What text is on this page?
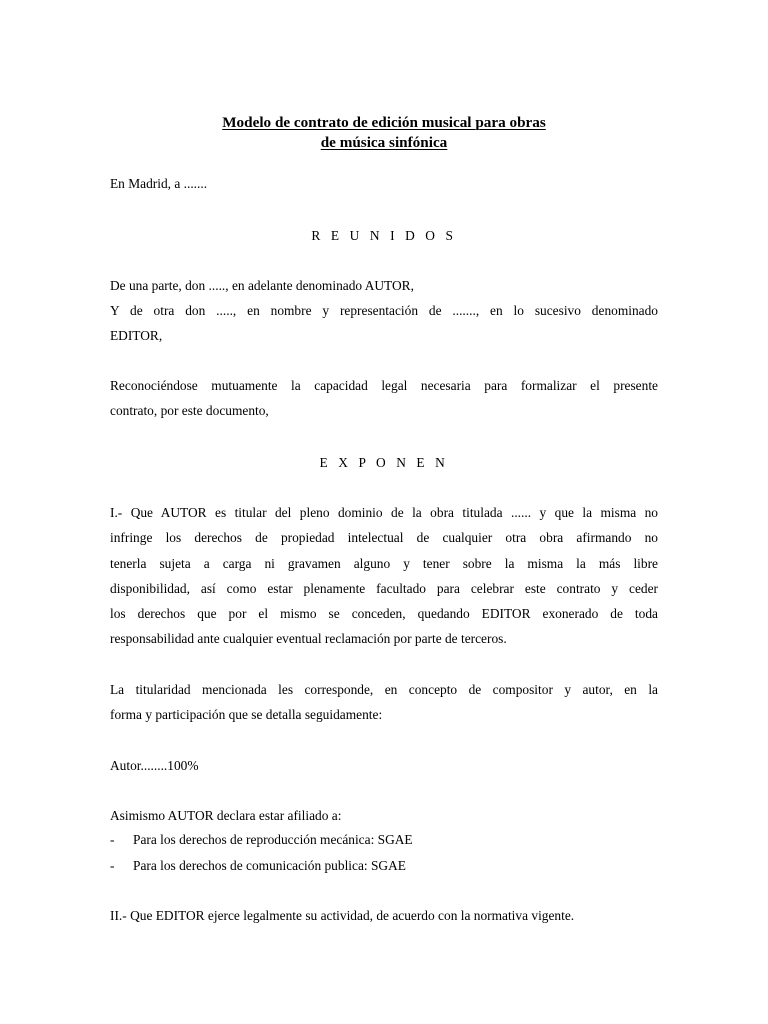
Modelo de contrato de edición musical para obras
de música sinfónica
En Madrid, a .......
R E U N I D O S
De una parte, don ....., en adelante denominado AUTOR,
Y de otra don ....., en nombre y representación de ......., en lo sucesivo denominado
EDITOR,
Reconociéndose mutuamente la capacidad legal necesaria para formalizar el presente
contrato, por este documento,
E X P O N E N
I.- Que AUTOR es titular del pleno dominio de la obra titulada ...... y que la misma no
infringe los derechos de propiedad intelectual de cualquier otra obra afirmando no
tenerla sujeta a carga ni gravamen alguno y tener sobre la misma la más libre
disponibilidad, así como estar plenamente facultado para celebrar este contrato y ceder
los derechos que por el mismo se conceden, quedando EDITOR exonerado de toda
responsabilidad ante cualquier eventual reclamación por parte de terceros.
La titularidad mencionada les corresponde, en concepto de compositor y autor, en la
forma y participación que se detalla seguidamente:
Autor........100%
Asimismo AUTOR declara estar afiliado a:
- Para los derechos de reproducción mecánica: SGAE
- Para los derechos de comunicación publica: SGAE
II.- Que EDITOR ejerce legalmente su actividad, de acuerdo con la normativa vigente.
